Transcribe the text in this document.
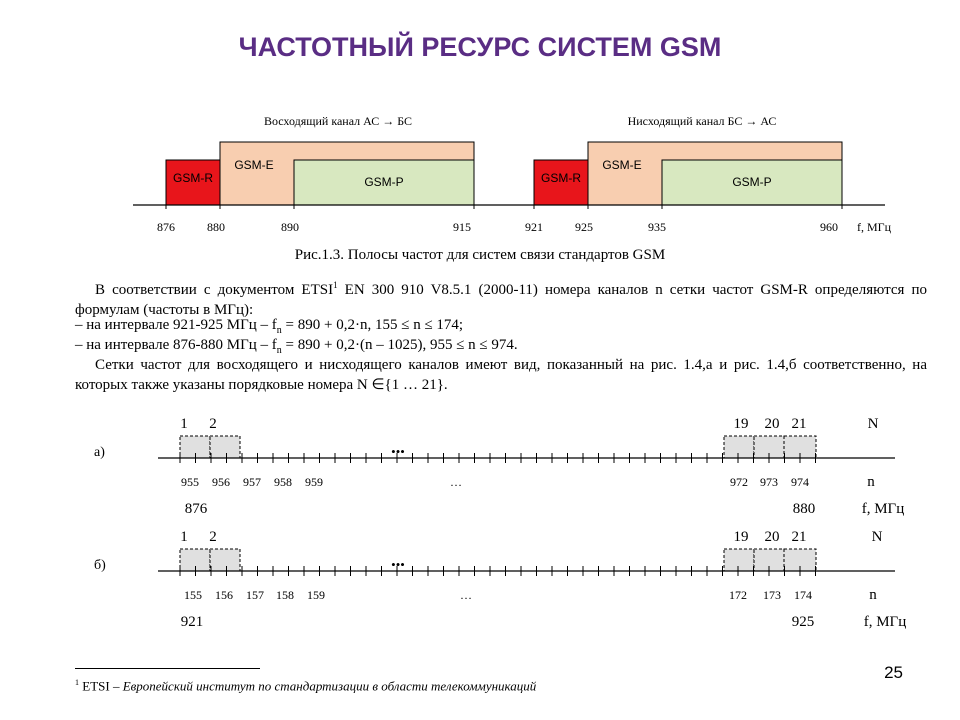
ЧАСТОТНЫЙ РЕСУРС СИСТЕМ GSM
Восходящий канал АС → БС	Нисходящий канал БС → АС
GSM-R
GSM-E
GSM-P	GSM-R
GSM-E
GSM-P
876	880	890	915	921	925	935	960 f, МГц
а)
1 2	19 20 21	N
•••
955 956 957 958 959	…	972 973 974	n
876	880	f, МГц
б)
1 2	19 20 21	N
•••
155 156 157 158 159	…	172 173 174	n
921	925	f, МГц
Рис.1.3. Полосы частот для систем связи стандартов GSM
В соответствии с документом ETSI$^1$ EN 300 910 V8.5.1 (2000-11) номера каналов n сетки частот GSM-R определяются по формулам (частоты в МГц):
– на интервале 921-925 МГц – $f_n = 890 + 0,2\cdot n$, 155 ≤ n ≤ 174;
– на интервале 876-880 МГц – $f_n = 890 + 0,2\cdot(n - 1025)$, 955 ≤ n ≤ 974.
Сетки частот для восходящего и нисходящего каналов имеют вид, показанный на рис. 1.4,а и рис. 1.4,б соответственно, на которых также указаны порядковые номера N ∈{1 … 21}.
25
$^1$ ETSI – Европейский институт по стандартизации в области телекоммуникаций
